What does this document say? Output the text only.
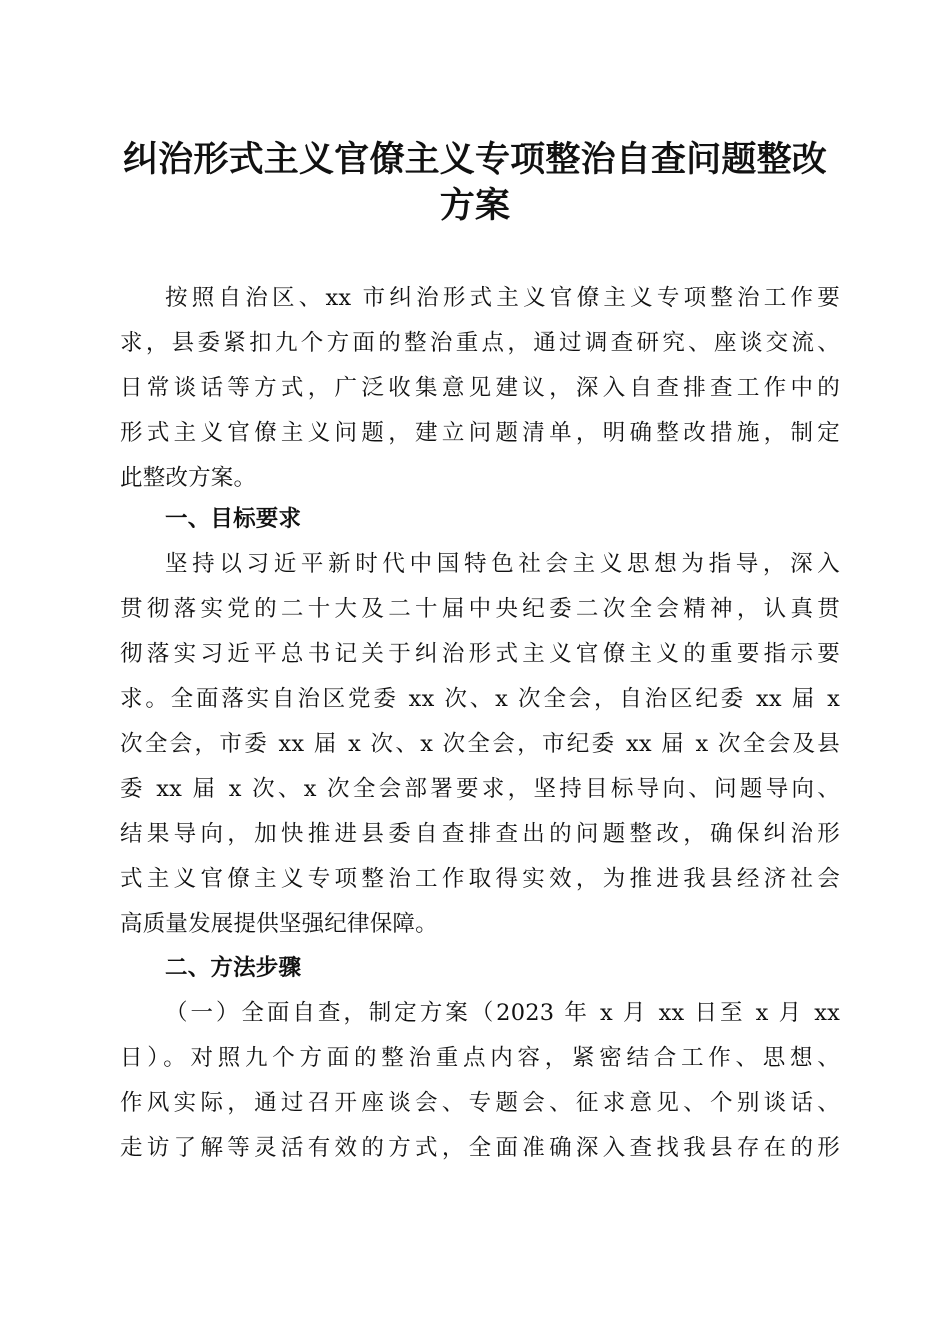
纠治形式主义官僚主义专项整治自查问题整改
方案
按照自治区、xx 市纠治形式主义官僚主义专项整治工作要
求，县委紧扣九个方面的整治重点，通过调查研究、座谈交流、
日常谈话等方式，广泛收集意见建议，深入自查排查工作中的
形式主义官僚主义问题，建立问题清单，明确整改措施，制定
此整改方案。
一、目标要求
坚持以习近平新时代中国特色社会主义思想为指导，深入
贯彻落实党的二十大及二十届中央纪委二次全会精神，认真贯
彻落实习近平总书记关于纠治形式主义官僚主义的重要指示要
求。全面落实自治区党委 xx 次、x 次全会，自治区纪委 xx 届 x
次全会，市委 xx 届 x 次、x 次全会，市纪委 xx 届 x 次全会及县
委 xx 届 x 次、x 次全会部署要求，坚持目标导向、问题导向、
结果导向，加快推进县委自查排查出的问题整改，确保纠治形
式主义官僚主义专项整治工作取得实效，为推进我县经济社会
高质量发展提供坚强纪律保障。
二、方法步骤
（一）全面自查，制定方案（2023 年 x 月 xx 日至 x 月 xx
日）。对照九个方面的整治重点内容，紧密结合工作、思想、
作风实际，通过召开座谈会、专题会、征求意见、个别谈话、
走访了解等灵活有效的方式，全面准确深入查找我县存在的形
